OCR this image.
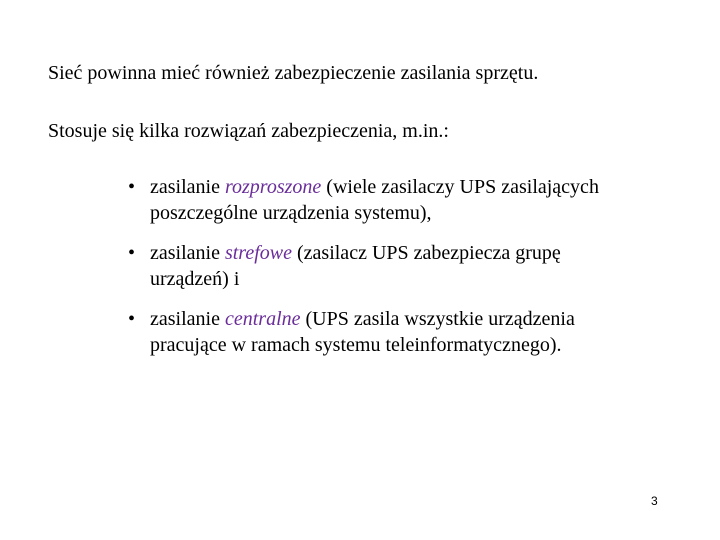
Sieć powinna mieć również zabezpieczenie zasilania sprzętu.

Stosuje się kilka rozwiązań zabezpieczenia, m.in.:

• zasilanie rozproszone (wiele zasilaczy UPS zasilających poszczególne urządzenia systemu),
• zasilanie strefowe (zasilacz UPS zabezpiecza grupę urządzeń) i
• zasilanie centralne (UPS zasila wszystkie urządzenia pracujące w ramach systemu teleinformatycznego).
3
